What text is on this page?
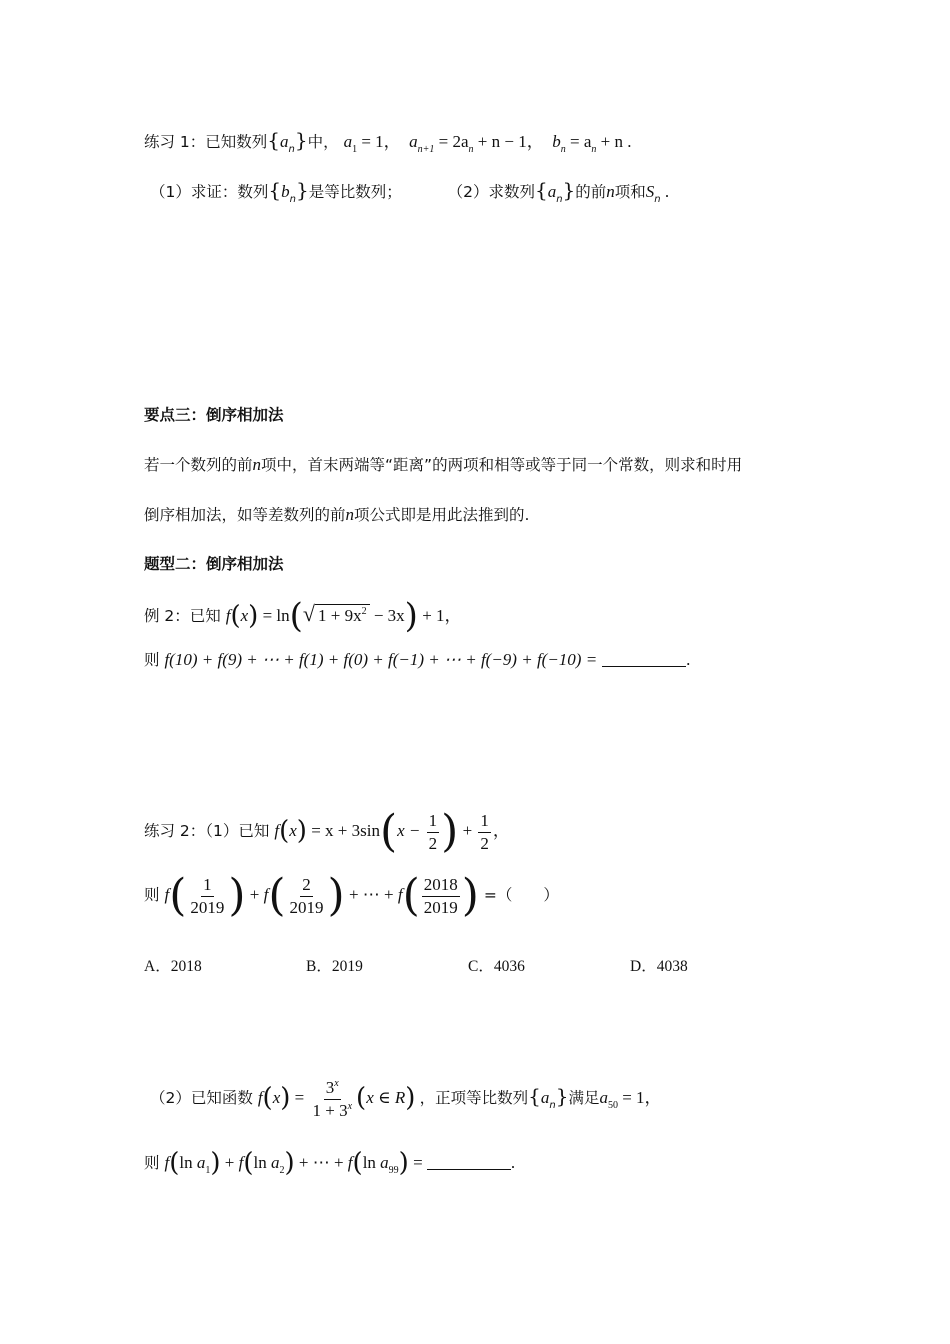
练习 1：已知数列$\{a_n\}$中， $a_1 = 1$， $a_{n+1} = 2a_n + n - 1$， $b_n = a_n + n$ .
（1）求证：数列$\{b_n\}$是等比数列；	（2）求数列$\{a_n\}$的前n项和$S_n$ .
要点三：倒序相加法
若一个数列的前n项中，首末两端等“距离”的两项和相等或等于同一个常数，则求和时用
倒序相加法，如等差数列的前n项公式即是用此法推到的.
题型二：倒序相加法
例 2：已知 f(x) = ln(√ $1 + 9x^2 - 3x) + 1$，
则 f(10) + f(9) + ⋯ + f(1) + f(0) + f(−1) + ⋯ + f(−9) + f(−10) =	.
练习 2：（1）已知 $f(x) = x + 3\sin(x - \frac{1}{2}$ ) + $\frac{1}{2}$ ，
则 $f( \frac{1}{2019}$ ) + $f( \frac{2}{2019}$ ) + ⋯ + $f( \frac{2018}{2019}$ ) =（　　）
A．2018	B．2019	C．4036	D．4038
（2）已知函数 $f(x) = \frac{3^x}{1 + 3^x} (x$ ∈ R) ，正项等比数列$\{a_n\}$满足$a_{50} = 1$，
则 f(ln $a_1) + f(\ln$ $a_2$) + ⋯ + f(ln $a_{99}$) =	.
